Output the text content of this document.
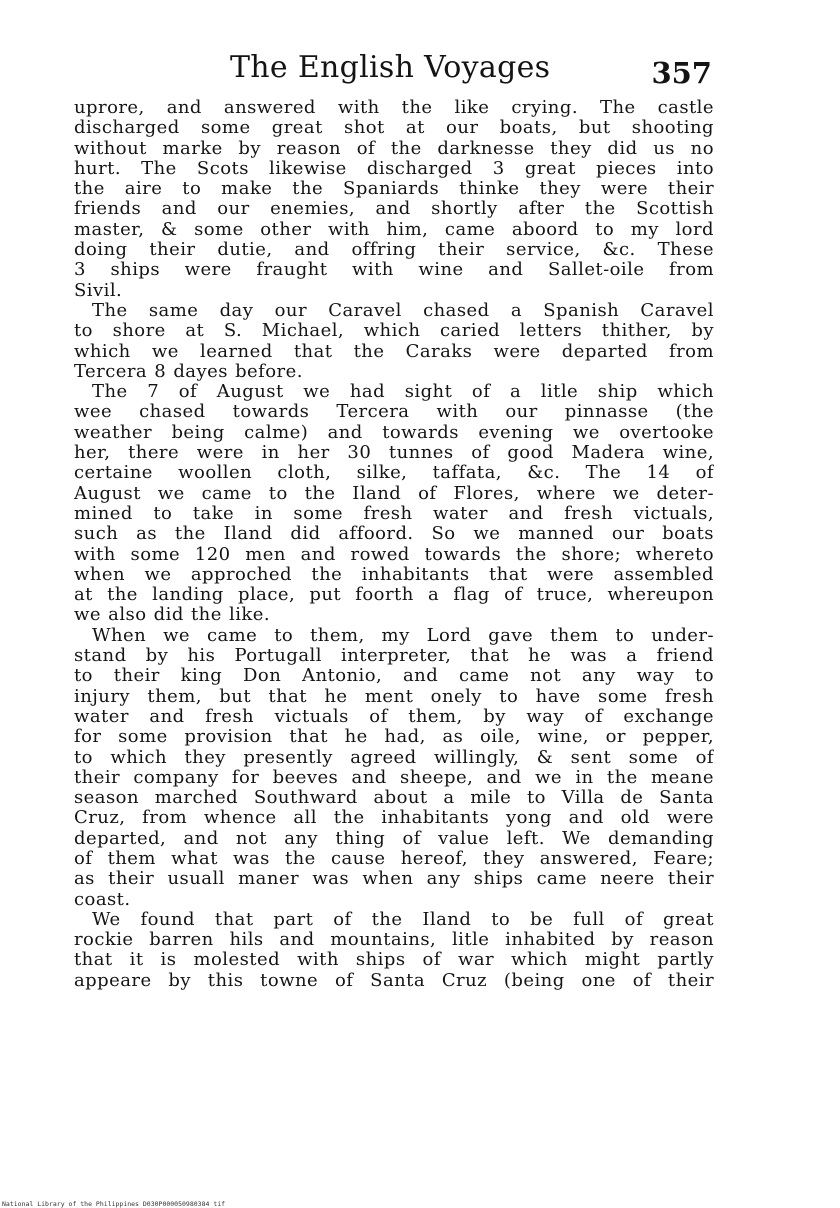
The English Voyages	357
uprore, and answered with the like crying. The castle
discharged some great shot at our boats, but shooting
without marke by reason of the darknesse they did us no
hurt. The Scots likewise discharged 3 great pieces into
the aire to make the Spaniards thinke they were their
friends and our enemies, and shortly after the Scottish
master, & some other with him, came aboord to my lord
doing their dutie, and offring their service, &c. These
3 ships were fraught with wine and Sallet-oile from
Sivil.
The same day our Caravel chased a Spanish Caravel
to shore at S. Michael, which caried letters thither, by
which we learned that the Caraks were departed from
Tercera 8 dayes before.
The 7 of August we had sight of a litle ship which
wee chased towards Tercera with our pinnasse (the
weather being calme) and towards evening we overtooke
her, there were in her 30 tunnes of good Madera wine,
certaine woollen cloth, silke, taffata, &c. The 14 of
August we came to the Iland of Flores, where we deter-
mined to take in some fresh water and fresh victuals,
such as the Iland did affoord. So we manned our boats
with some 120 men and rowed towards the shore; whereto
when we approched the inhabitants that were assembled
at the landing place, put foorth a flag of truce, whereupon
we also did the like.
When we came to them, my Lord gave them to under-
stand by his Portugall interpreter, that he was a friend
to their king Don Antonio, and came not any way to
injury them, but that he ment onely to have some fresh
water and fresh victuals of them, by way of exchange
for some provision that he had, as oile, wine, or pepper,
to which they presently agreed willingly, & sent some of
their company for beeves and sheepe, and we in the meane
season marched Southward about a mile to Villa de Santa
Cruz, from whence all the inhabitants yong and old were
departed, and not any thing of value left. We demanding
of them what was the cause hereof, they answered, Feare;
as their usuall maner was when any ships came neere their
coast.
We found that part of the Iland to be full of great
rockie barren hils and mountains, litle inhabited by reason
that it is molested with ships of war which might partly
appeare by this towne of Santa Cruz (being one of their
National Library of the Philippines D030P000050980384 tif
